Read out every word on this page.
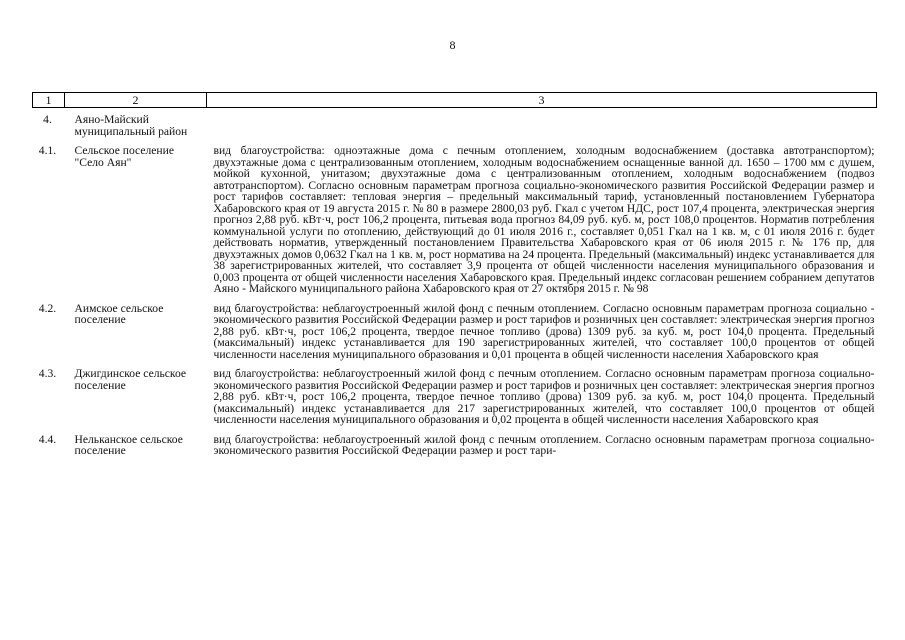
8
1	2	3
4.	Аяно-Майский муниципальный район	
4.1.	Сельское поселение "Село Аян"	вид благоустройства: одноэтажные дома с печным отоплением, холодным водоснабжением (доставка автотранспортом); двухэтажные дома с централизованным отоплением, холодным водоснабжением оснащенные ванной дл. 1650 – 1700 мм с душем, мойкой кухонной, унитазом; двухэтажные дома с централизованным отоплением, холодным водоснабжением (подвоз автотранспортом). Согласно основным параметрам прогноза социально-экономического развития Российской Федерации размер и рост тарифов составляет: тепловая энергия – предельный максимальный тариф, установленный постановлением Губернатора Хабаровского края от 19 августа 2015 г. № 80 в размере 2800,03 руб. Гкал с учетом НДС, рост 107,4 процента, электрическая энергия прогноз 2,88 руб. кВт·ч, рост 106,2 процента, питьевая вода прогноз 84,09 руб. куб. м, рост 108,0 процентов. Норматив потребления коммунальной услуги по отоплению, действующий до 01 июля 2016 г., составляет 0,051 Гкал на 1 кв. м, с 01 июля 2016 г. будет действовать норматив, утвержденный постановлением Правительства Хабаровского края от 06 июля 2015 г. № 176 пр, для двухэтажных домов 0,0632 Гкал на 1 кв. м, рост норматива на 24 процента. Предельный (максимальный) индекс устанавливается для 38 зарегистрированных жителей, что составляет 3,9 процента от общей численности населения муниципального образования и 0,003 процента от общей численности населения Хабаровского края. Предельный индекс согласован решением собранием депутатов Аяно - Майского муниципального района Хабаровского края от 27 октября 2015 г. № 98
4.2.	Аимское сельское поселение	вид благоустройства: неблагоустроенный жилой фонд с печным отоплением. Согласно основным параметрам прогноза социально - экономического развития Российской Федерации размер и рост тарифов и розничных цен составляет: электрическая энергия прогноз 2,88 руб. кВт·ч, рост 106,2 процента, твердое печное топливо (дрова) 1309 руб. за куб. м, рост 104,0 процента. Предельный (максимальный) индекс устанавливается для 190 зарегистрированных жителей, что составляет 100,0 процентов от общей численности населения муниципального образования и 0,01 процента в общей численности населения Хабаровского края
4.3.	Джигдинское сельское поселение	вид благоустройства: неблагоустроенный жилой фонд с печным отоплением. Согласно основным параметрам прогноза социально-экономического развития Российской Федерации размер и рост тарифов и розничных цен составляет: электрическая энергия прогноз 2,88 руб. кВт·ч, рост 106,2 процента, твердое печное топливо (дрова) 1309 руб. за куб. м, рост 104,0 процента. Предельный (максимальный) индекс устанавливается для 217 зарегистрированных жителей, что составляет 100,0 процентов от общей численности населения муниципального образования и 0,02 процента в общей численности населения Хабаровского края
4.4.	Нельканское сельское поселение	вид благоустройства: неблагоустроенный жилой фонд с печным отоплением. Согласно основным параметрам прогноза социально-экономического развития Российской Федерации размер и рост тари-
